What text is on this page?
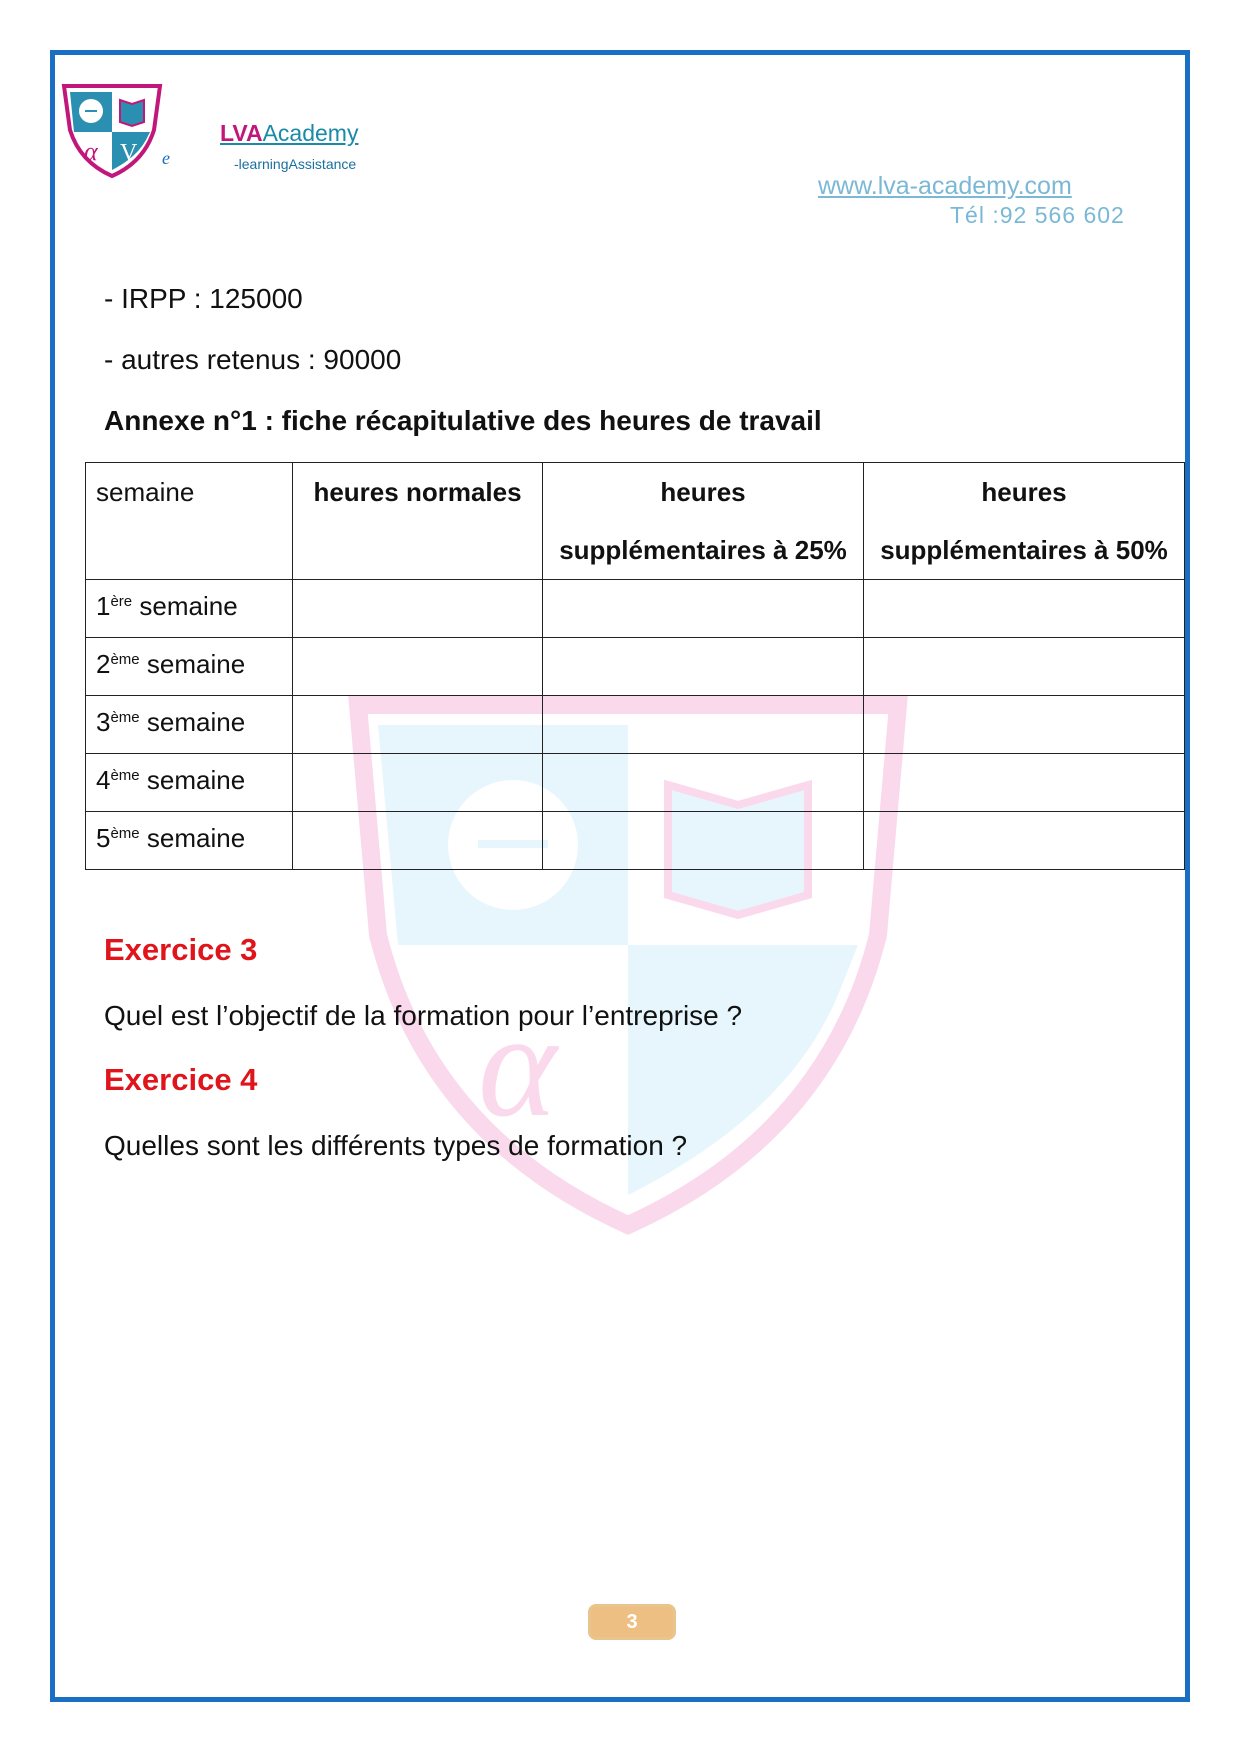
α V e
LVAAcademy
-learningAssistance
www.lva-academy.com
Tél :92 566 602
α
- IRPP : 125000
- autres retenus : 90000
Annexe n°1 : fiche récapitulative des heures de travail
semaine	heures normales	heures
supplémentaires à 25%	heures
supplémentaires à 50%
1ère semaine			
2ème semaine			
3ème semaine			
4ème semaine			
5ème semaine			
Exercice 3
Quel est l’objectif de la formation pour l’entreprise ?
Exercice 4
Quelles sont les différents types de formation ?
3
